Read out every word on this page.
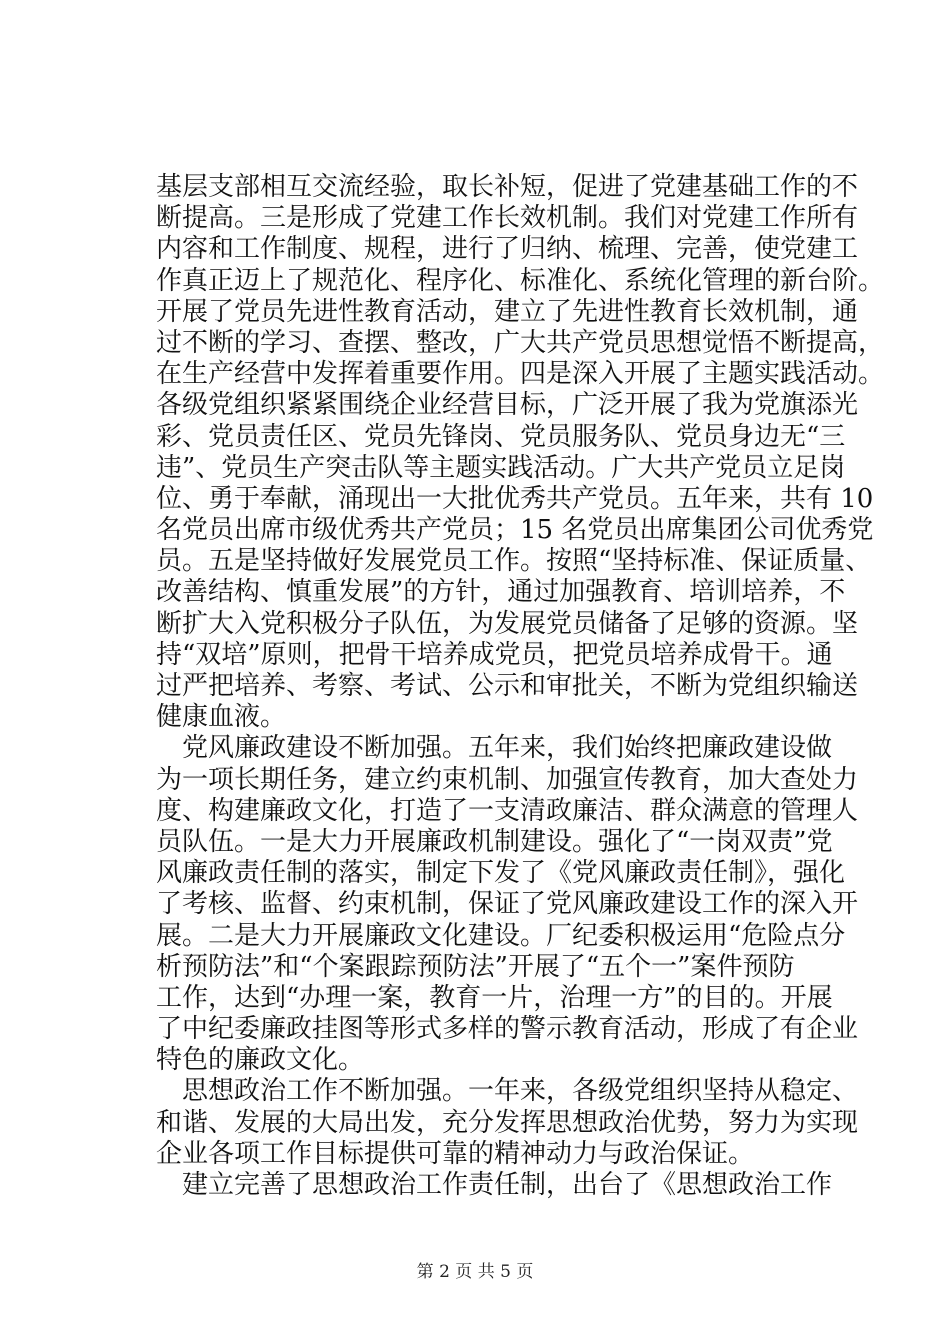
基层支部相互交流经验，取长补短，促进了党建基础工作的不
断提高。三是形成了党建工作长效机制。我们对党建工作所有
内容和工作制度、规程，进行了归纳、梳理、完善，使党建工
作真正迈上了规范化、程序化、标准化、系统化管理的新台阶。
开展了党员先进性教育活动，建立了先进性教育长效机制，通
过不断的学习、查摆、整改，广大共产党员思想觉悟不断提高，
在生产经营中发挥着重要作用。四是深入开展了主题实践活动。
各级党组织紧紧围绕企业经营目标，广泛开展了我为党旗添光
彩、党员责任区、党员先锋岗、党员服务队、党员身边无“三
违”、党员生产突击队等主题实践活动。广大共产党员立足岗
位、勇于奉献，涌现出一大批优秀共产党员。五年来，共有 10
名党员出席市级优秀共产党员；15 名党员出席集团公司优秀党
员。五是坚持做好发展党员工作。按照“坚持标准、保证质量、
改善结构、慎重发展”的方针，通过加强教育、培训培养，不
断扩大入党积极分子队伍，为发展党员储备了足够的资源。坚
持“双培”原则，把骨干培养成党员，把党员培养成骨干。通
过严把培养、考察、考试、公示和审批关，不断为党组织输送
健康血液。
党风廉政建设不断加强。五年来，我们始终把廉政建设做
为一项长期任务，建立约束机制、加强宣传教育，加大查处力
度、构建廉政文化，打造了一支清政廉洁、群众满意的管理人
员队伍。一是大力开展廉政机制建设。强化了“一岗双责”党
风廉政责任制的落实，制定下发了《党风廉政责任制》，强化
了考核、监督、约束机制，保证了党风廉政建设工作的深入开
展。二是大力开展廉政文化建设。厂纪委积极运用“危险点分
析预防法”和“个案跟踪预防法”开展了“五个一”案件预防
工作，达到“办理一案，教育一片，治理一方”的目的。开展
了中纪委廉政挂图等形式多样的警示教育活动，形成了有企业
特色的廉政文化。
思想政治工作不断加强。一年来，各级党组织坚持从稳定、
和谐、发展的大局出发，充分发挥思想政治优势，努力为实现
企业各项工作目标提供可靠的精神动力与政治保证。
建立完善了思想政治工作责任制，出台了《思想政治工作
第 2 页 共 5 页
